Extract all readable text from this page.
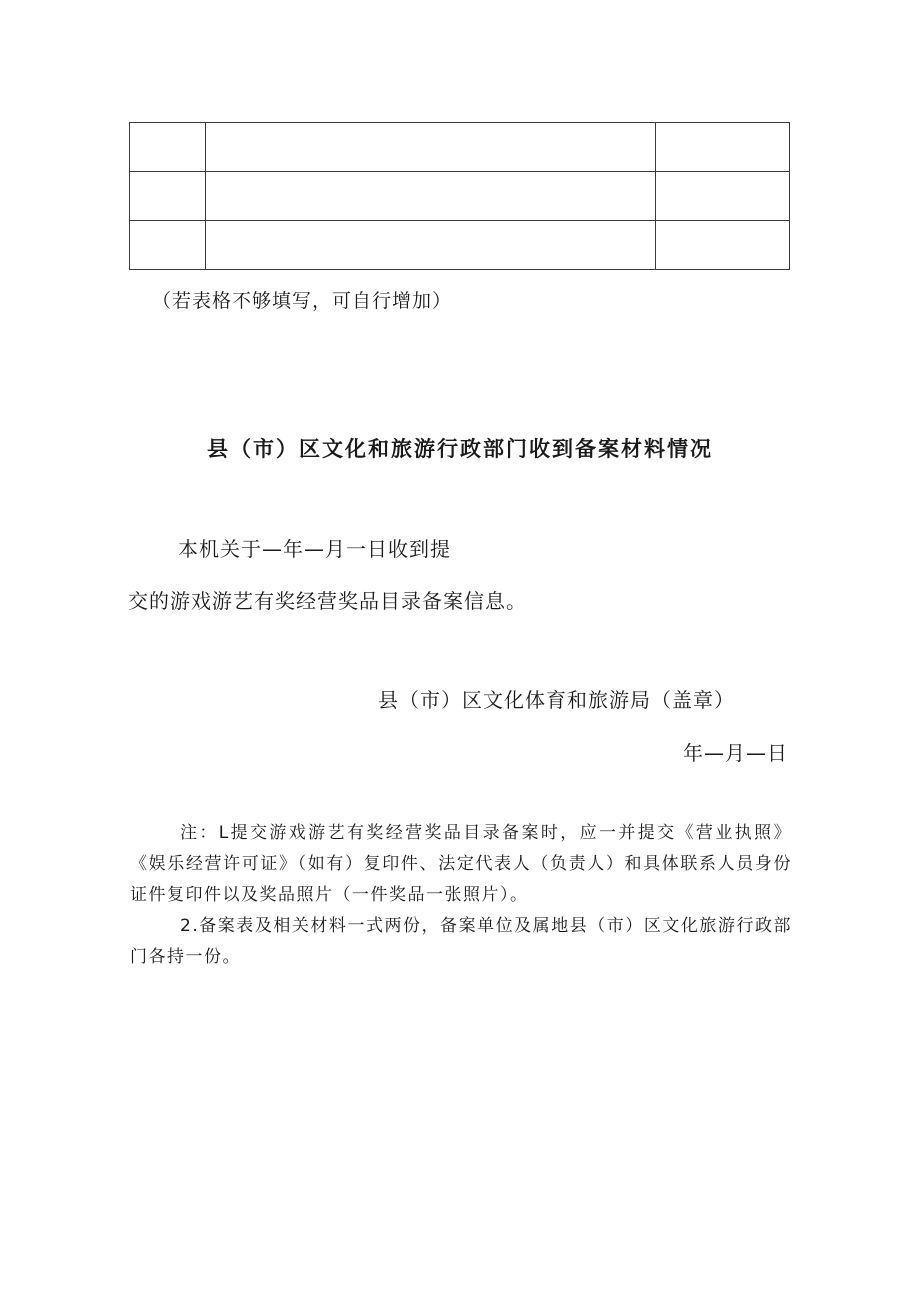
（若表格不够填写，可自行增加）
县（市）区文化和旅游行政部门收到备案材料情况
本机关于—年—月一日收到提
交的游戏游艺有奖经营奖品目录备案信息。
县（市）区文化体育和旅游局（盖章）
年—月—日

注：L提交游戏游艺有奖经营奖品目录备案时，应一并提交《营业执照》《娱乐经营许可证》（如有）复印件、法定代表人（负责人）和具体联系人员身份证件复印件以及奖品照片（一件奖品一张照片）。

2.备案表及相关材料一式两份，备案单位及属地县（市）区文化旅游行政部门各持一份。
